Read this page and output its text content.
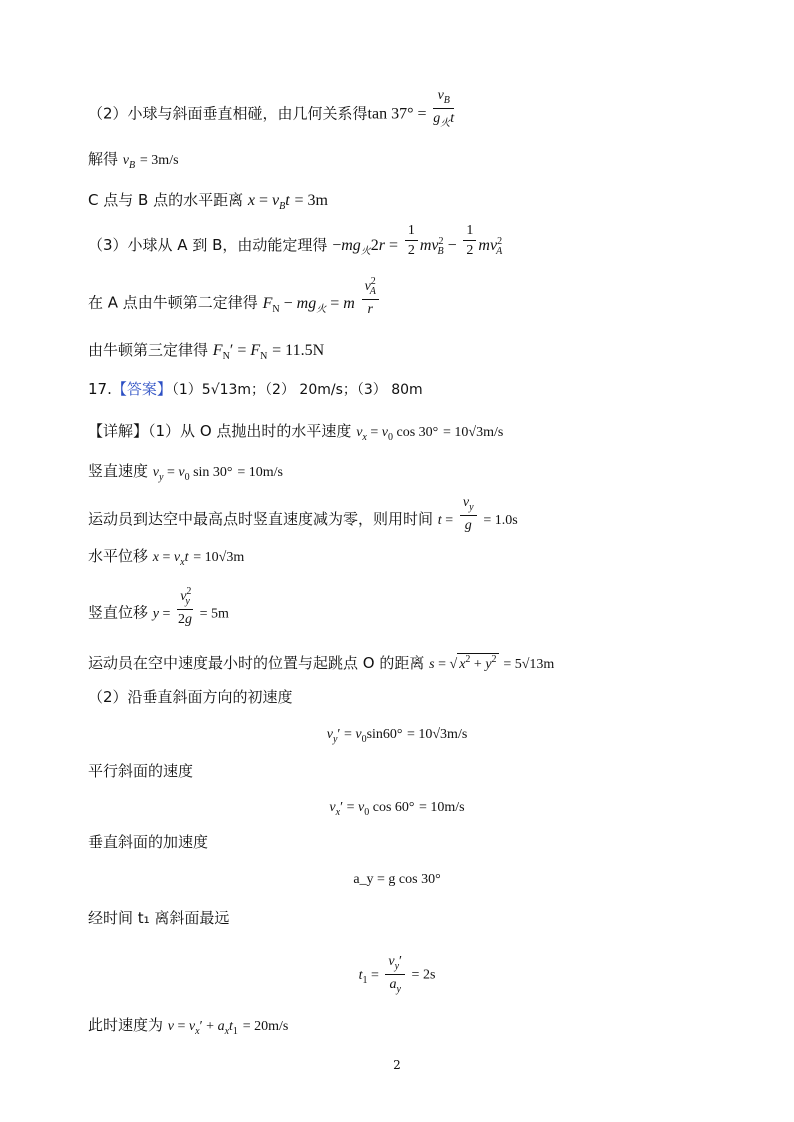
（2）小球与斜面垂直相碰，由几何关系得$\tan 37^\circ = \frac{v_B}{g_火t}$
解得 $v_B = 3m/s$
C 点与 B 点的水平距离 $x = v_Bt = 3m$
（3）小球从 A 到 B，由动能定理得 $-mg_火2r = \frac{1}{2} mv^2_B - \frac{1}{2} mv^2_A$
在 A 点由牛顿第二定律得 $F_N - mg_火 = m \frac{v^2_A}{r}$
由牛顿第三定律得 $F_N' = F_N = 11.5N$
17.【答案】（1）5√13m；（2） 20m/s；（3） 80m
【详解】（1）从 O 点抛出时的水平速度 $v_x = v_0$ cos 30° = 10√3m/s
竖直速度 $v_y = v_0$ sin 30° = 10m/s
运动员到达空中最高点时竖直速度减为零，则用时间 $t = \frac{v_y}{g} = 1.0s$
水平位移 $x = v_xt = 10√3m$
竖直位移 $y = \frac{v^2_y}{2g} = 5m$
运动员在空中速度最小时的位置与起跳点 O 的距离 s = √ $x^2 + y^2 = 5√13m$
（2）沿垂直斜面方向的初速度
$v_y' = v_0\sin 60^\circ = 10√3m/s$
平行斜面的速度
$v_x' = v_0$ cos 60° = 10m/s
垂直斜面的加速度
a_y = g cos 30°
经时间 t₁ 离斜面最远
$t_1 = \frac{v_y'}{a_y} = 2s$
此时速度为 $v = v_x' + a_xt_1 = 20m/s$
2
